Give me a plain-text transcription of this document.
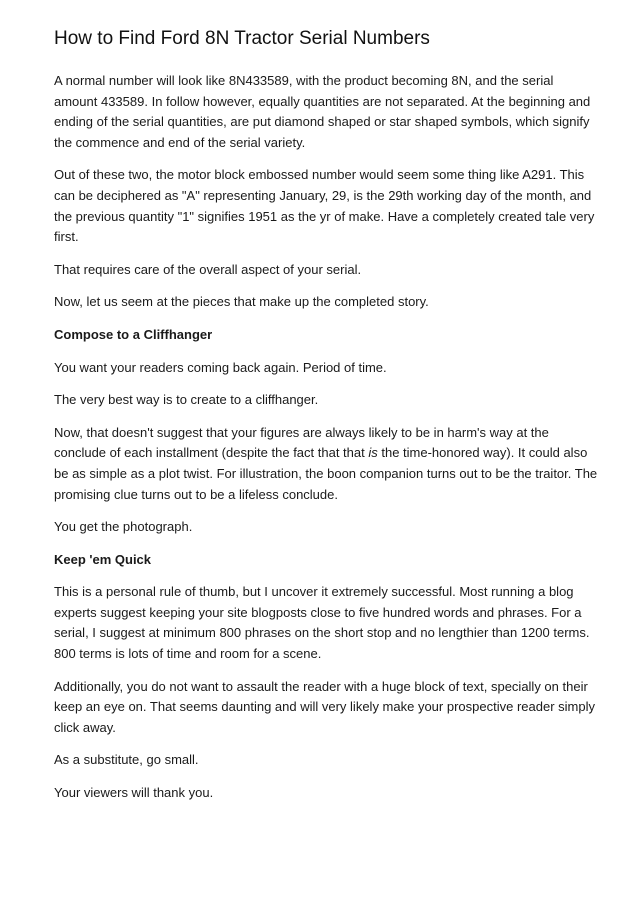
How to Find Ford 8N Tractor Serial Numbers

A normal number will look like 8N433589, with the product becoming 8N, and the serial amount 433589. In follow however, equally quantities are not separated. At the beginning and ending of the serial quantities, are put diamond shaped or star shaped symbols, which signify the commence and end of the serial variety.

Out of these two, the motor block embossed number would seem some thing like A291. This can be deciphered as "A" representing January, 29, is the 29th working day of the month, and the previous quantity "1" signifies 1951 as the yr of make. Have a completely created tale very first.

That requires care of the overall aspect of your serial.

Now, let us seem at the pieces that make up the completed story.

Compose to a Cliffhanger

You want your readers coming back again. Period of time.

The very best way is to create to a cliffhanger.

Now, that doesn't suggest that your figures are always likely to be in harm's way at the conclude of each installment (despite the fact that that is the time-honored way). It could also be as simple as a plot twist. For illustration, the boon companion turns out to be the traitor. The promising clue turns out to be a lifeless conclude.

You get the photograph.

Keep 'em Quick

This is a personal rule of thumb, but I uncover it extremely successful. Most running a blog experts suggest keeping your site blogposts close to five hundred words and phrases. For a serial, I suggest at minimum 800 phrases on the short stop and no lengthier than 1200 terms. 800 terms is lots of time and room for a scene.

Additionally, you do not want to assault the reader with a huge block of text, specially on their keep an eye on. That seems daunting and will very likely make your prospective reader simply click away.

As a substitute, go small.

Your viewers will thank you.
